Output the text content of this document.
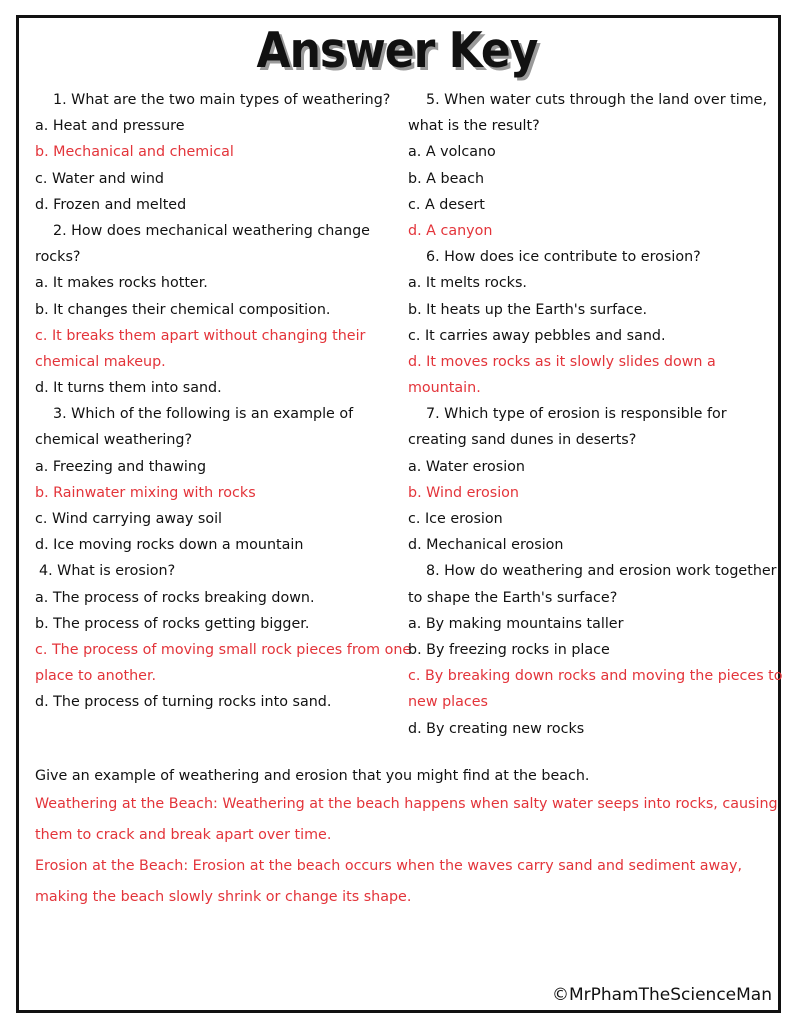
Answer Key
1. What are the two main types of weathering?
a. Heat and pressure
b. Mechanical and chemical
c. Water and wind
d. Frozen and melted
2. How does mechanical weathering change
rocks?
a. It makes rocks hotter.
b. It changes their chemical composition.
c. It breaks them apart without changing their
chemical makeup.
d. It turns them into sand.
3. Which of the following is an example of
chemical weathering?
a. Freezing and thawing
b. Rainwater mixing with rocks
c. Wind carrying away soil
d. Ice moving rocks down a mountain
4. What is erosion?
a. The process of rocks breaking down.
b. The process of rocks getting bigger.
c. The process of moving small rock pieces from one
place to another.
d. The process of turning rocks into sand.
5. When water cuts through the land over time,
what is the result?
a. A volcano
b. A beach
c. A desert
d. A canyon
6. How does ice contribute to erosion?
a. It melts rocks.
b. It heats up the Earth's surface.
c. It carries away pebbles and sand.
d. It moves rocks as it slowly slides down a
mountain.
7. Which type of erosion is responsible for
creating sand dunes in deserts?
a. Water erosion
b. Wind erosion
c. Ice erosion
d. Mechanical erosion
8. How do weathering and erosion work together
to shape the Earth's surface?
a. By making mountains taller
b. By freezing rocks in place
c. By breaking down rocks and moving the pieces to
new places
d. By creating new rocks
Give an example of weathering and erosion that you might find at the beach.
Weathering at the Beach: Weathering at the beach happens when salty water seeps into rocks, causing
them to crack and break apart over time.
Erosion at the Beach: Erosion at the beach occurs when the waves carry sand and sediment away,
making the beach slowly shrink or change its shape.
©MrPhamTheScienceMan
